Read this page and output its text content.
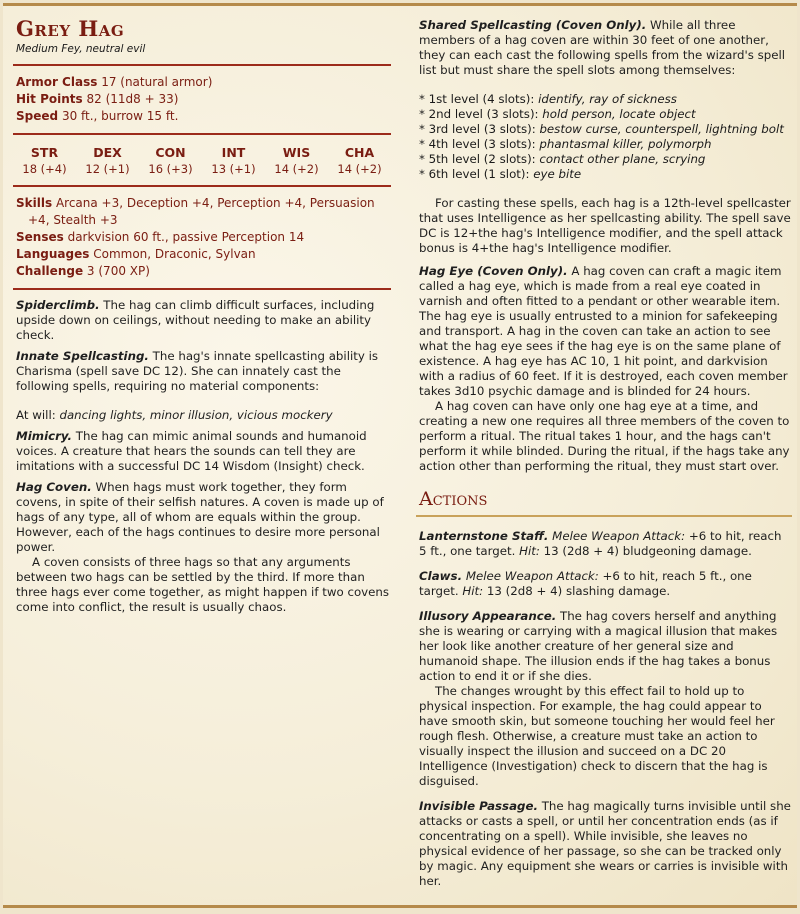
Grey Hag
Medium Fey, neutral evil
Armor Class 17 (natural armor)
Hit Points 82 (11d8 + 33)
Speed 30 ft., burrow 15 ft.
STR
18 (+4)
DEX
12 (+1)
CON
16 (+3)
INT
13 (+1)
WIS
14 (+2)
CHA
14 (+2)
Skills Arcana +3, Deception +4, Perception +4, Persuasion +4, Stealth +3
Senses darkvision 60 ft., passive Perception 14
Languages Common, Draconic, Sylvan
Challenge 3 (700 XP)
Spiderclimb. The hag can climb difficult surfaces, including upside down on ceilings, without needing to make an ability check.
Innate Spellcasting. The hag's innate spellcasting ability is Charisma (spell save DC 12). She can innately cast the following spells, requiring no material components:
At will: dancing lights, minor illusion, vicious mockery
Mimicry. The hag can mimic animal sounds and humanoid voices. A creature that hears the sounds can tell they are imitations with a successful DC 14 Wisdom (Insight) check.
Hag Coven. When hags must work together, they form covens, in spite of their selfish natures. A coven is made up of hags of any type, all of whom are equals within the group. However, each of the hags continues to desire more personal power.
A coven consists of three hags so that any arguments between two hags can be settled by the third. If more than three hags ever come together, as might happen if two covens come into conflict, the result is usually chaos.
Shared Spellcasting (Coven Only). While all three members of a hag coven are within 30 feet of one another, they can each cast the following spells from the wizard's spell list but must share the spell slots among themselves:
* 1st level (4 slots): identify, ray of sickness
* 2nd level (3 slots): hold person, locate object
* 3rd level (3 slots): bestow curse, counterspell, lightning bolt
* 4th level (3 slots): phantasmal killer, polymorph
* 5th level (2 slots): contact other plane, scrying
* 6th level (1 slot): eye bite
For casting these spells, each hag is a 12th-level spellcaster that uses Intelligence as her spellcasting ability. The spell save DC is 12+the hag's Intelligence modifier, and the spell attack bonus is 4+the hag's Intelligence modifier.
Hag Eye (Coven Only). A hag coven can craft a magic item called a hag eye, which is made from a real eye coated in varnish and often fitted to a pendant or other wearable item. The hag eye is usually entrusted to a minion for safekeeping and transport. A hag in the coven can take an action to see what the hag eye sees if the hag eye is on the same plane of existence. A hag eye has AC 10, 1 hit point, and darkvision with a radius of 60 feet. If it is destroyed, each coven member takes 3d10 psychic damage and is blinded for 24 hours.
A hag coven can have only one hag eye at a time, and creating a new one requires all three members of the coven to perform a ritual. The ritual takes 1 hour, and the hags can't perform it while blinded. During the ritual, if the hags take any action other than performing the ritual, they must start over.
Actions
Lanternstone Staff. Melee Weapon Attack: +6 to hit, reach 5 ft., one target. Hit: 13 (2d8 + 4) bludgeoning damage.
Claws. Melee Weapon Attack: +6 to hit, reach 5 ft., one target. Hit: 13 (2d8 + 4) slashing damage.
Illusory Appearance. The hag covers herself and anything she is wearing or carrying with a magical illusion that makes her look like another creature of her general size and humanoid shape. The illusion ends if the hag takes a bonus action to end it or if she dies.
The changes wrought by this effect fail to hold up to physical inspection. For example, the hag could appear to have smooth skin, but someone touching her would feel her rough flesh. Otherwise, a creature must take an action to visually inspect the illusion and succeed on a DC 20 Intelligence (Investigation) check to discern that the hag is disguised.
Invisible Passage. The hag magically turns invisible until she attacks or casts a spell, or until her concentration ends (as if concentrating on a spell). While invisible, she leaves no physical evidence of her passage, so she can be tracked only by magic. Any equipment she wears or carries is invisible with her.
